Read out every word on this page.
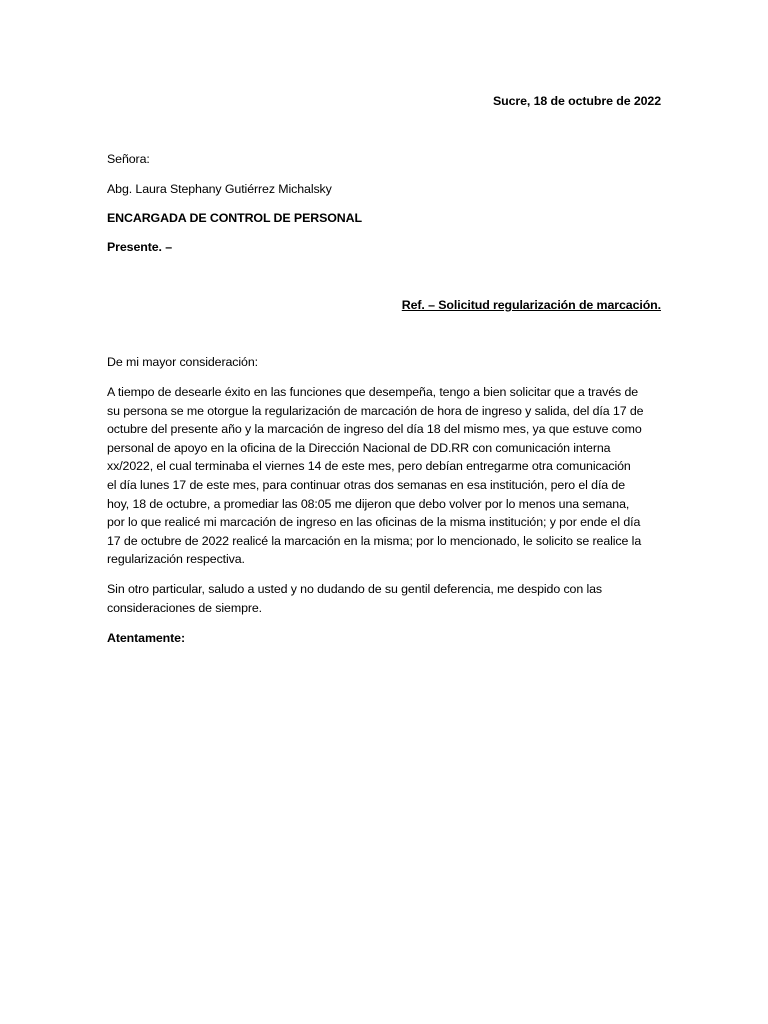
Sucre, 18 de octubre de 2022
Señora:
Abg. Laura Stephany Gutiérrez Michalsky
ENCARGADA DE CONTROL DE PERSONAL
Presente. –
Ref. – Solicitud regularización de marcación.
De mi mayor consideración:
A tiempo de desearle éxito en las funciones que desempeña, tengo a bien solicitar que a través de
su persona se me otorgue la regularización de marcación de hora de ingreso y salida, del día 17 de
octubre del presente año y la marcación de ingreso del día 18 del mismo mes, ya que estuve como
personal de apoyo en la oficina de la Dirección Nacional de DD.RR con comunicación interna
xx/2022, el cual terminaba el viernes 14 de este mes, pero debían entregarme otra comunicación
el día lunes 17 de este mes, para continuar otras dos semanas en esa institución, pero el día de
hoy, 18 de octubre, a promediar las 08:05 me dijeron que debo volver por lo menos una semana,
por lo que realicé mi marcación de ingreso en las oficinas de la misma institución; y por ende el día
17 de octubre de 2022 realicé la marcación en la misma; por lo mencionado, le solicito se realice la
regularización respectiva.
Sin otro particular, saludo a usted y no dudando de su gentil deferencia, me despido con las
consideraciones de siempre.
Atentamente:
